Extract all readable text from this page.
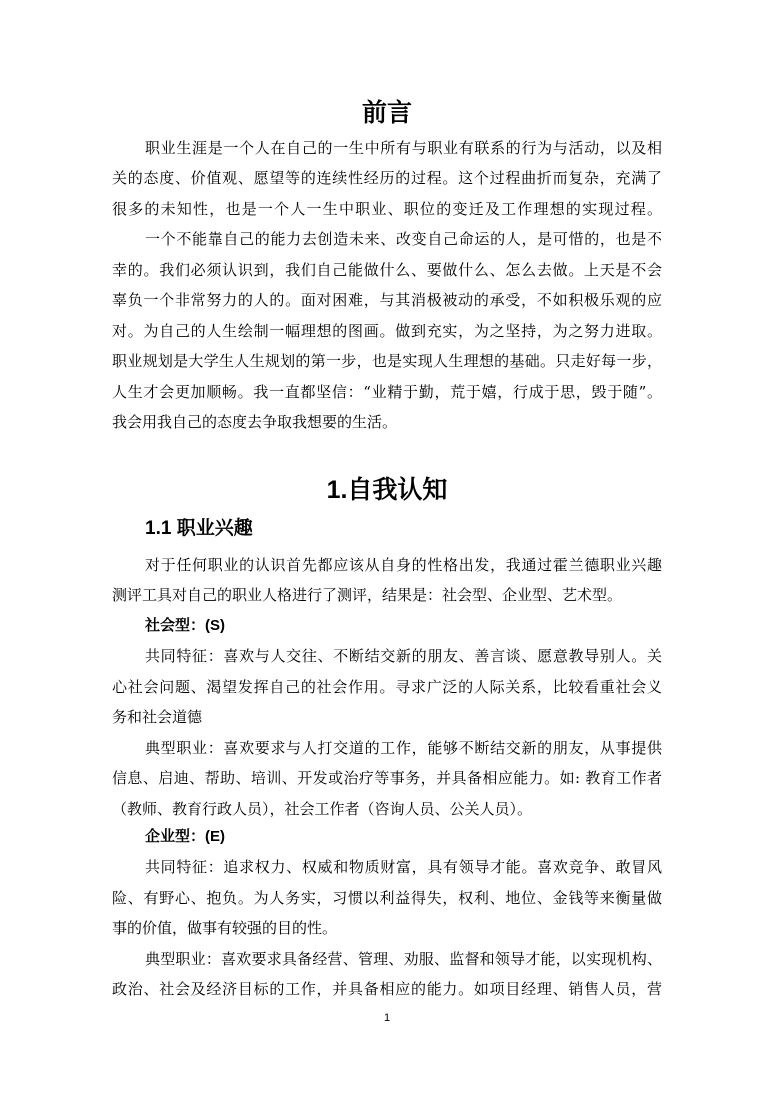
前言
职业生涯是一个人在自己的一生中所有与职业有联系的行为与活动，以及相
关的态度、价值观、愿望等的连续性经历的过程。这个过程曲折而复杂，充满了
很多的未知性，也是一个人一生中职业、职位的变迁及工作理想的实现过程。
一个不能靠自己的能力去创造未来、改变自己命运的人，是可惜的，也是不
幸的。我们必须认识到，我们自己能做什么、要做什么、怎么去做。上天是不会
辜负一个非常努力的人的。面对困难，与其消极被动的承受，不如积极乐观的应
对。为自己的人生绘制一幅理想的图画。做到充实，为之坚持，为之努力进取。
职业规划是大学生人生规划的第一步，也是实现人生理想的基础。只走好每一步，
人生才会更加顺畅。我一直都坚信：“业精于勤，荒于嬉，行成于思，毁于随”。
我会用我自己的态度去争取我想要的生活。
1.自我认知
1.1 职业兴趣
对于任何职业的认识首先都应该从自身的性格出发，我通过霍兰德职业兴趣
测评工具对自己的职业人格进行了测评，结果是：社会型、企业型、艺术型。
社会型：(S)
共同特征：喜欢与人交往、不断结交新的朋友、善言谈、愿意教导别人。关
心社会问题、渴望发挥自己的社会作用。寻求广泛的人际关系，比较看重社会义
务和社会道德
典型职业：喜欢要求与人打交道的工作，能够不断结交新的朋友，从事提供
信息、启迪、帮助、培训、开发或治疗等事务，并具备相应能力。如: 教育工作者
（教师、教育行政人员），社会工作者（咨询人员、公关人员）。
企业型：(E)
共同特征：追求权力、权威和物质财富，具有领导才能。喜欢竞争、敢冒风
险、有野心、抱负。为人务实，习惯以利益得失，权利、地位、金钱等来衡量做
事的价值，做事有较强的目的性。
典型职业：喜欢要求具备经营、管理、劝服、监督和领导才能，以实现机构、
政治、社会及经济目标的工作，并具备相应的能力。如项目经理、销售人员，营
1
